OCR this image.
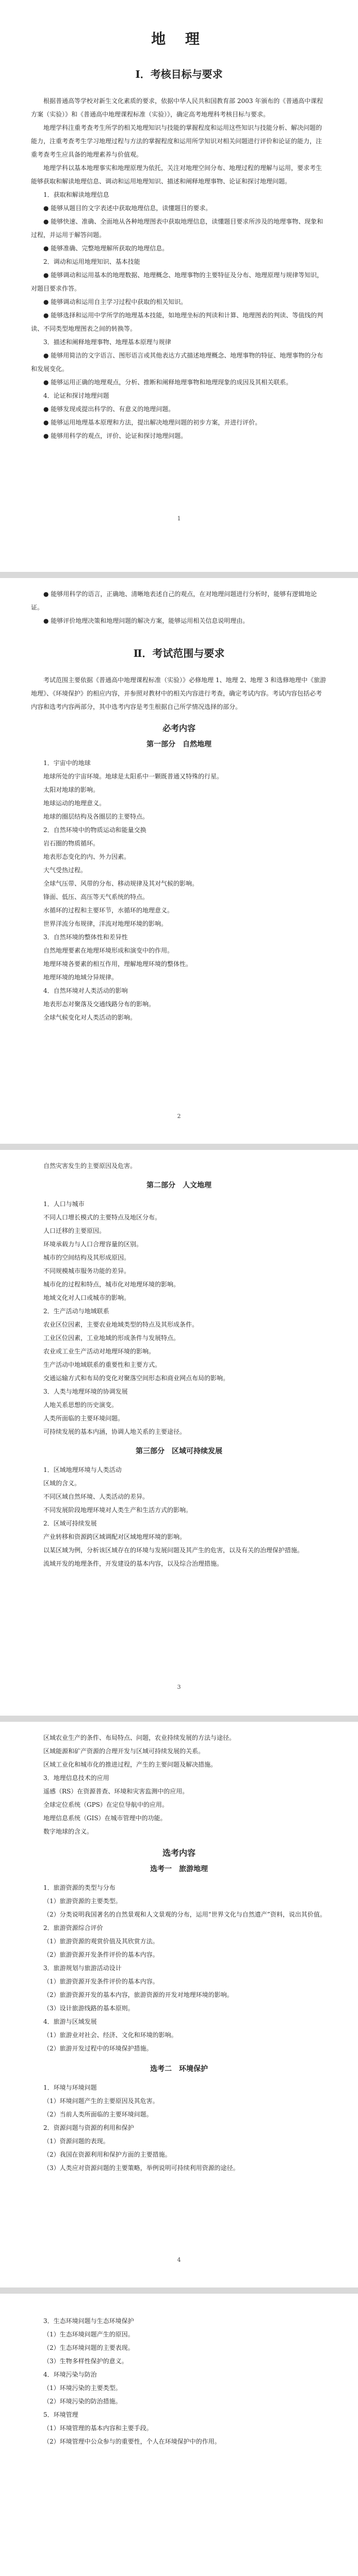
地 理
Ⅰ．考核目标与要求

根据普通高等学校对新生文化素质的要求，依据中华人民共和国教育部 2003 年颁布的《普通高中课程方案（实验）》和《普通高中地理课程标准（实验）》，确定高考地理科考核目标与要求。

地理学科注重考查考生所学的相关地理知识与技能的掌握程度和运用这些知识与技能分析、解决问题的能力，注重考查考生学习地理过程与方法的掌握程度和运用所学知识对相关问题进行评价和论证的能力，注重考查考生应具备的地理素养与价值观。

地理学科以基本地理事实和地理原理为依托，关注对地理空间分布、地理过程的理解与运用，要求考生能够获取和解读地理信息、调动和运用地理知识、描述和阐释地理事物、论证和探讨地理问题。

1．获取和解读地理信息

● 能够从题目的文字表述中获取地理信息，读懂题目的要求。

● 能够快速、准确、全面地从各种地理图表中获取地理信息，读懂题目要求所涉及的地理事物、现象和过程，并运用于解答问题。

● 能够准确、完整地理解所获取的地理信息。

2．调动和运用地理知识、基本技能

● 能够调动和运用基本的地理数据、地理概念、地理事物的主要特征及分布、地理原理与规律等知识，对题目要求作答。

● 能够调动和运用自主学习过程中获取的相关知识。

● 能够选择和运用中学所学的地理基本技能，如地理坐标的判读和计算、地理图表的判读、等值线的判读、不同类型地理图表之间的转换等。

3．描述和阐释地理事物、地理基本原理与规律

● 能够用简洁的文字语言、图形语言或其他表达方式描述地理概念、地理事物的特征、地理事物的分布和发展变化。

● 能够运用正确的地理观点，分析、推断和阐释地理事物和地理现象的成因及其相关联系。

4．论证和探讨地理问题

● 能够发现或提出科学的、有意义的地理问题。

● 能够运用地理基本原理和方法，提出解决地理问题的初步方案，并进行评价。

● 能够用科学的观点，评价、论证和探讨地理问题。

1

● 能够用科学的语言，正确地、清晰地表述自己的观点，在对地理问题进行分析时，能够有逻辑地论证。

● 能够评价地理决策和地理问题的解决方案，能够运用相关信息说明理由。

Ⅱ．考试范围与要求

考试范围主要依据《普通高中地理课程标准（实验）》必修地理 1、地理 2、地理 3 和选修地理中《旅游地理》、《环境保护》的相应内容，并参照对教材中的相关内容进行考查，确定考试内容。考试内容包括必考内容和选考内容两部分，其中选考内容是考生根据自己所学情况选择的部分。

必考内容
第一部分　自然地理

1．宇宙中的地球

地球所处的宇宙环境。地球是太阳系中一颗既普通又特殊的行星。

太阳对地球的影响。

地球运动的地理意义。

地球的圈层结构及各圈层的主要特点。

2．自然环境中的物质运动和能量交换

岩石圈的物质循环。

地表形态变化的内、外力因素。

大气受热过程。

全球气压带、风带的分布、移动规律及其对气候的影响。

锋面、低压、高压等天气系统的特点。

水循环的过程和主要环节，水循环的地理意义。

世界洋流分布规律，洋流对地理环境的影响。

3．自然环境的整体性和差异性

自然地理要素在地理环境形成和演变中的作用。

地理环境各要素的相互作用，理解地理环境的整体性。

地理环境的地域分异规律。

4．自然环境对人类活动的影响

地表形态对聚落及交通线路分布的影响。

全球气候变化对人类活动的影响。

2

自然灾害发生的主要原因及危害。

第二部分　人文地理

1．人口与城市

不同人口增长模式的主要特点及地区分布。

人口迁移的主要原因。

环境承载力与人口合理容量的区别。

城市的空间结构及其形成原因。

不同规模城市服务功能的差异。

城市化的过程和特点，城市化对地理环境的影响。

地域文化对人口或城市的影响。

2．生产活动与地域联系

农业区位因素，主要农业地域类型的特点及其形成条件。

工业区位因素，工业地域的形成条件与发展特点。

农业或工业生产活动对地理环境的影响。

生产活动中地域联系的重要性和主要方式。

交通运输方式和布局的变化对聚落空间形态和商业网点布局的影响。

3．人类与地理环境的协调发展

人地关系思想的历史演变。

人类所面临的主要环境问题。

可持续发展的基本内涵，协调人地关系的主要途径。

第三部分　区域可持续发展

1．区域地理环境与人类活动

区域的含义。

不同区域自然环境、人类活动的差异。

不同发展阶段地理环境对人类生产和生活方式的影响。

2．区域可持续发展

产业转移和资源跨区域调配对区域地理环境的影响。

以某区域为例，分析该区域存在的环境与发展问题及其产生的危害，以及有关的治理保护措施。

流域开发的地理条件，开发建设的基本内容，以及综合治理措施。

3

区域农业生产的条件、布局特点、问题，农业持续发展的方法与途径。

区域能源和矿产资源的合理开发与区域可持续发展的关系。

区域工业化和城市化的推进过程，产生的主要问题及解决措施。

3．地理信息技术的应用

遥感（RS）在资源普查、环境和灾害监测中的应用。

全球定位系统（GPS）在定位导航中的应用。

地理信息系统（GIS）在城市管理中的功能。

数字地球的含义。

选考内容
选考一　旅游地理

1．旅游资源的类型与分布

（1）旅游资源的主要类型。

（2）分类说明我国著名的自然景观和人文景观的分布，运用“世界文化与自然遗产”资料，说出其价值。

2．旅游资源综合评价

（1）旅游资源的观赏价值及其欣赏方法。

（2）旅游资源开发条件评价的基本内容。

3．旅游规划与旅游活动设计

（1）旅游资源开发条件评价的基本内容。

（2）旅游资源开发的基本内容，旅游资源的开发对地理环境的影响。

（3）设计旅游线路的基本原则。

4．旅游与区域发展

（1）旅游业对社会、经济、文化和环境的影响。

（2）旅游开发过程中的环境保护措施。

选考二　环境保护

1．环境与环境问题

（1）环境问题产生的主要原因及其危害。

（2）当前人类所面临的主要环境问题。

2．资源问题与资源的利用和保护

（1）资源问题的表现。

（2）我国在资源利用和保护方面的主要措施。

（3）人类应对资源问题的主要策略，举例说明可持续利用资源的途径。

4

3．生态环境问题与生态环境保护

（1）生态环境问题产生的原因。

（2）生态环境问题的主要表现。

（3）生物多样性保护的意义。

4．环境污染与防治

（1）环境污染的主要类型。

（2）环境污染的防治措施。

5．环境管理

（1）环境管理的基本内容和主要手段。

（2）环境管理中公众参与的重要性，个人在环境保护中的作用。
